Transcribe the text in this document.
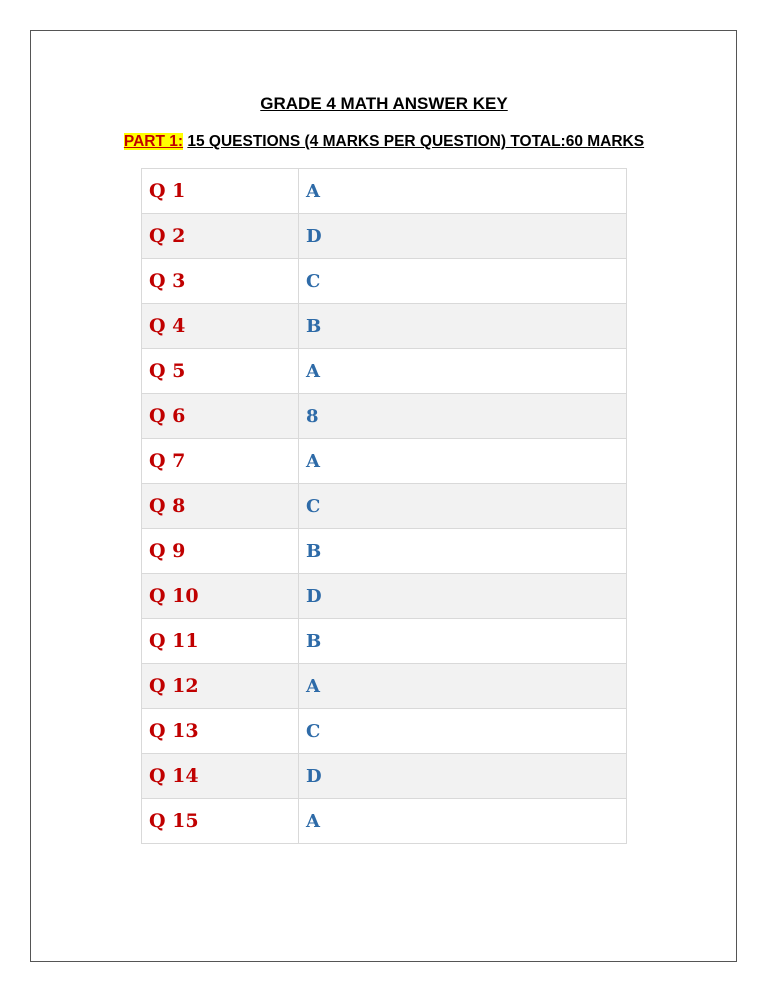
GRADE 4 MATH ANSWER KEY
PART 1: 15 QUESTIONS (4 MARKS PER QUESTION) TOTAL:60 MARKS
Q 1	A
Q 2	D
Q 3	C
Q 4	B
Q 5	A
Q 6	8
Q 7	A
Q 8	C
Q 9	B
Q 10	D
Q 11	B
Q 12	A
Q 13	C
Q 14	D
Q 15	A
